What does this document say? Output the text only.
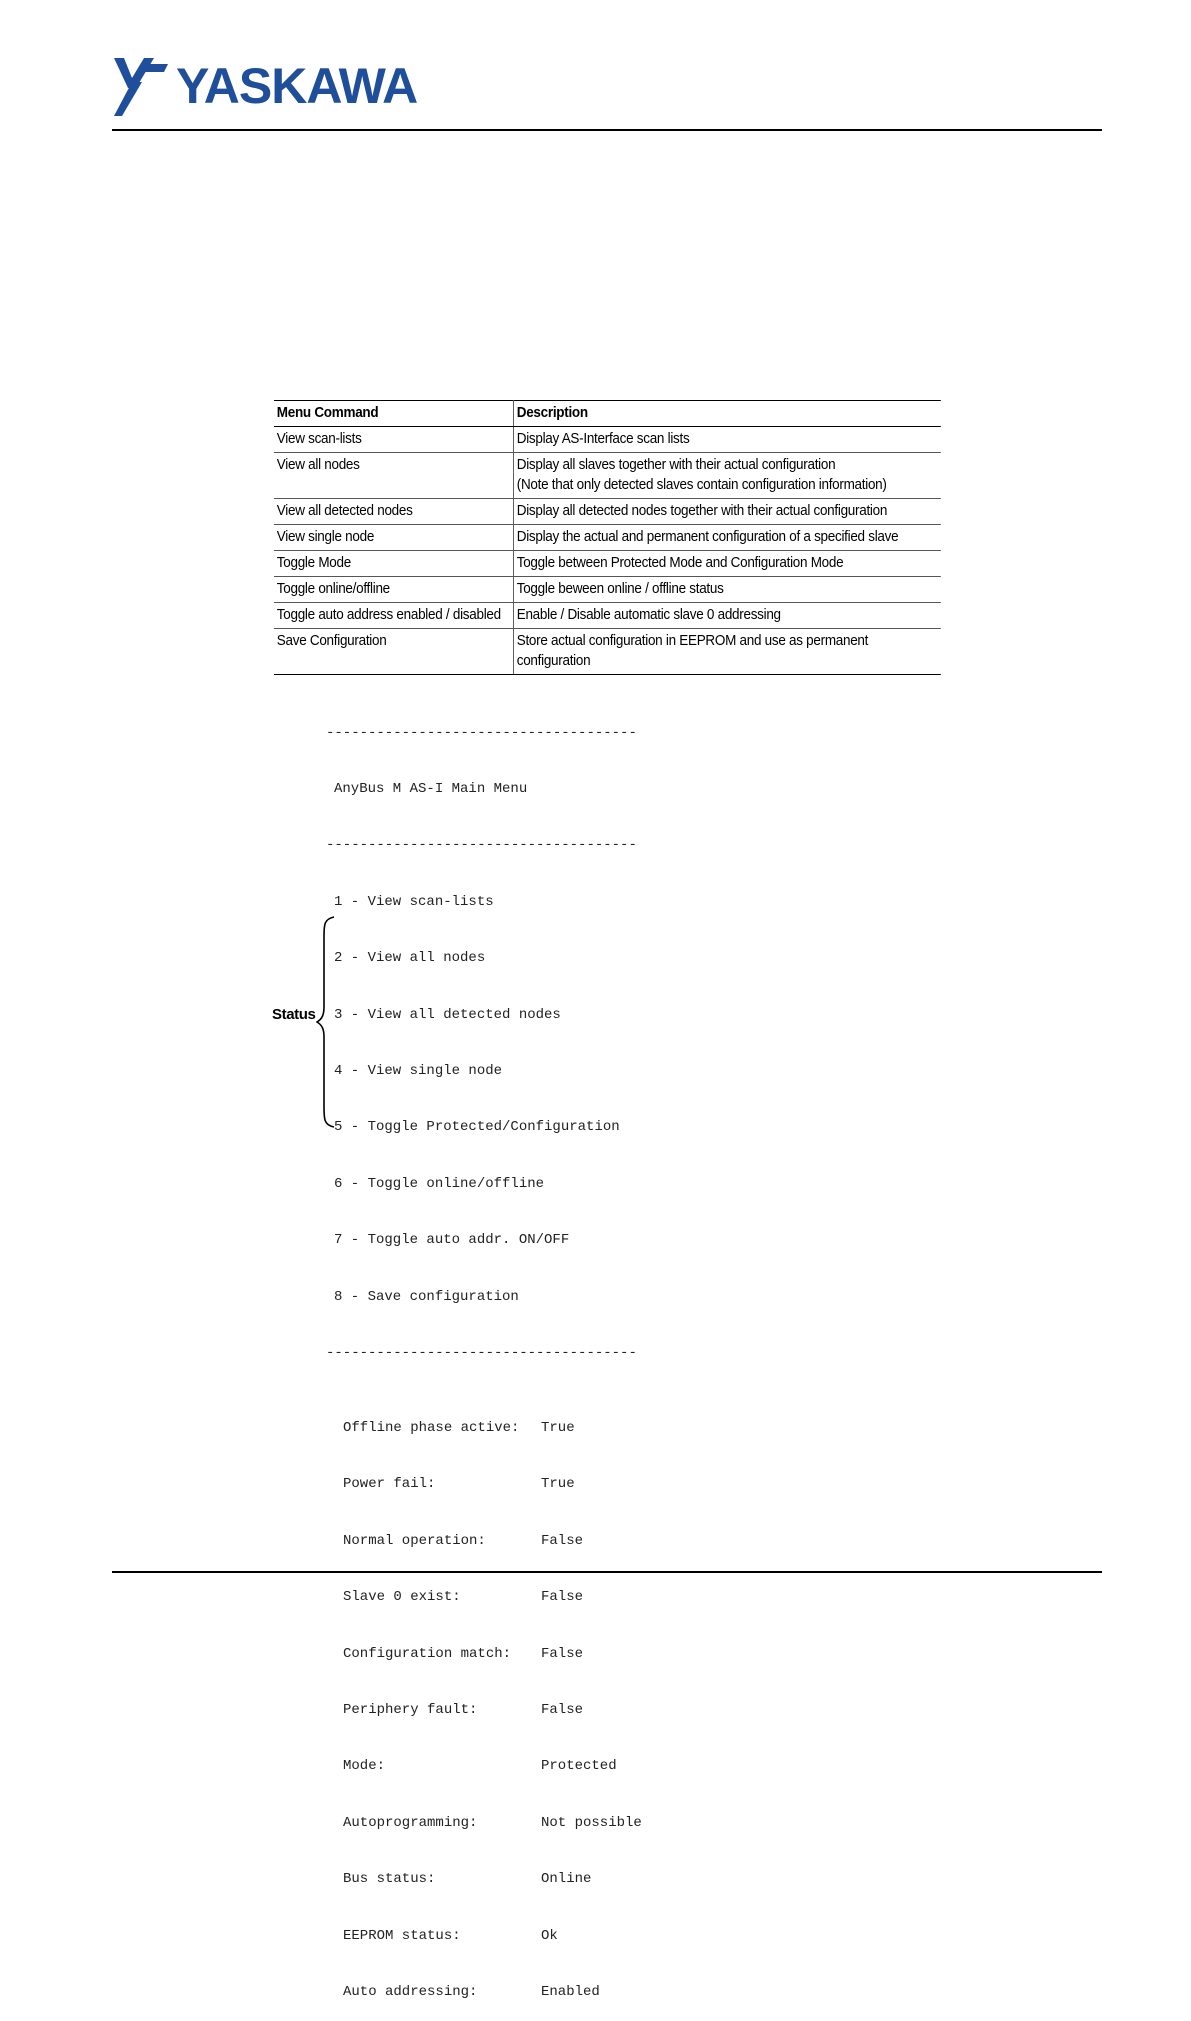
YASKAWA
Menu Command	Description
View scan-lists	Display AS-Interface scan lists
View all nodes	Display all slaves together with their actual configuration
(Note that only detected slaves contain configuration information)

View all detected nodes	Display all detected nodes together with their actual configuration
View single node	Display the actual and permanent configuration of a specified slave
Toggle Mode	Toggle between Protected Mode and Configuration Mode
Toggle online/offline	Toggle beween online / offline status
Toggle auto address enabled / disabled	Enable / Disable automatic slave 0 addressing
Save Configuration	Store actual configuration in EEPROM and use as permanent configuration

-------------------------------------

AnyBus M AS-I Main Menu

-------------------------------------

1 - View scan-lists

2 - View all nodes

3 - View all detected nodes

4 - View single node

5 - Toggle Protected/Configuration

6 - Toggle online/offline

7 - Toggle auto addr. ON/OFF

8 - Save configuration

-------------------------------------

Offline phase active:	True

Power fail:	True

Normal operation:	False

Slave 0 exist:	False

Configuration match:	False

Periphery fault:	False

Mode:	Protected

Autoprogramming:	Not possible

Bus status:	Online

EEPROM status:	Ok

Auto addressing:	Enabled

Status
